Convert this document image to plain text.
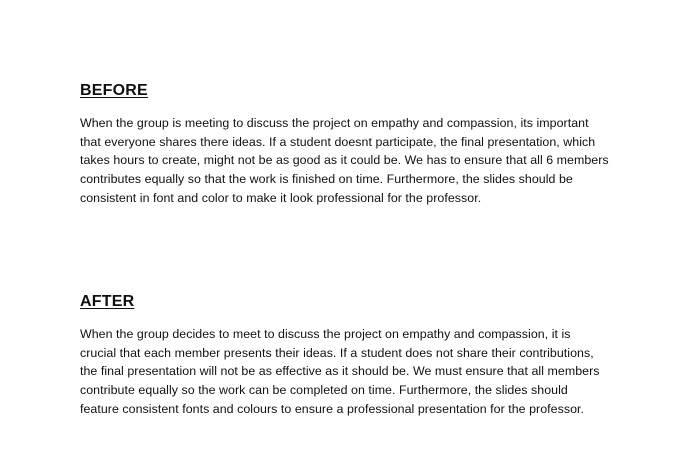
BEFORE

When the group is meeting to discuss the project on empathy and compassion, its important that everyone shares there ideas. If a student doesnt participate, the final presentation, which takes hours to create, might not be as good as it could be. We has to ensure that all 6 members contributes equally so that the work is finished on time. Furthermore, the slides should be consistent in font and color to make it look professional for the professor.

AFTER

When the group decides to meet to discuss the project on empathy and compassion, it is crucial that each member presents their ideas. If a student does not share their contributions, the final presentation will not be as effective as it should be. We must ensure that all members contribute equally so the work can be completed on time. Furthermore, the slides should feature consistent fonts and colours to ensure a professional presentation for the professor.
